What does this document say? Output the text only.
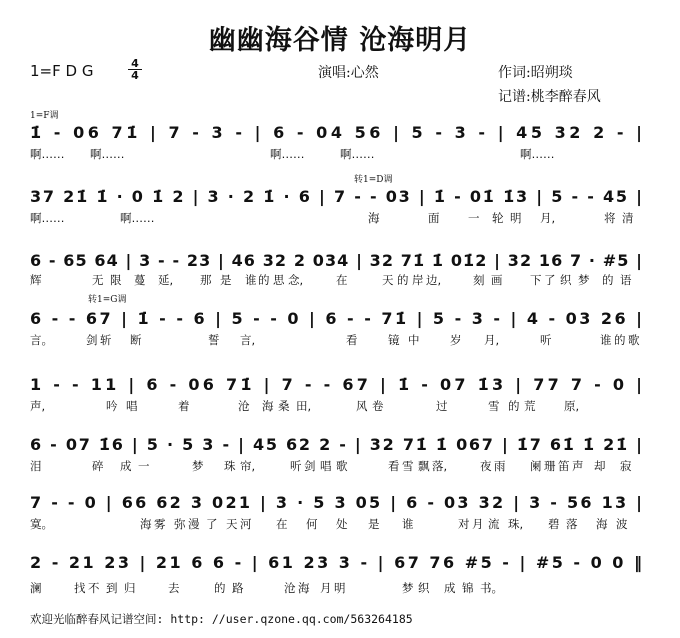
幽幽海谷情 沧海明月
1=F D G	4
4	演唱:心然	作词:昭朔琰
记谱:桃李醉春风
1=F调
转1=D调
转1=G调
1̇ - 06 71̇ | 7 - 3 - | 6 - 04 56 | 5 - 3 - | 45 32 2 - |
啊…… 啊……	啊……	啊……	啊……
37 21̇ 1̇ · 0 1̇ 2 | 3 · 2 1̇ · 6 | 7 - - 03 | 1̇ - 01̇ 1̇3 | 5 - - 45 |
啊……	啊……	海	面 一 轮 明 月,	将 清
6 - 65 64 | 3 - - 23 | 46 32 2 034 | 32 71̇ 1̇ 01̇2 | 32 16 7 · #5 |
辉	无 限 蔓 延, 那 是 谁 的 思 念,	在	天 的 岸 边,	刻 画 下 了 织 梦 的 语
6 - - 67 | 1̇ - - 6 | 5 - - 0 | 6 - - 71̇ | 5 - 3 - | 4 - 03 26 |
言。	剑 斩 断	誓 言,	看	镜 中	岁 月,	听	谁 的 歌
1 - - 11 | 6 - 06 71̇ | 7 - - 67 | 1̇ - 07 1̇3 | 77 7 - 0 |
声,	吟 唱	着	沧 海 桑 田,	风 卷	过	雪 的 荒 原,
6 - 07 1̇6 | 5 · 5 3 - | 45 62 2 - | 32 71̇ 1̇ 067 | 1̇7 61̇ 1̇ 21̇ |
泪	碎 成 一	梦 珠 帘,	听 剑 唱 歌	看 雪 飘 落,	夜 雨 阑 珊 笛 声 却 寂
7 - - 0 | 66 62 3 021 | 3 · 5 3 05 | 6 - 03 32 | 3 - 56 13 |
寞。	海 雾 弥 漫 了 天 河 在 何 处 是 谁	对 月 流 珠, 碧 落 海 波
2 - 21 23 | 21 6 6 - | 61 23 3 - | 67 76 #5 - | #5 - 0 0 ‖
澜	找 不 到 归	去	的 路	沧 海 月 明	梦 织 成 锦 书。
欢迎光临醉春风记谱空间: http: //user.qzone.qq.com/563264185
